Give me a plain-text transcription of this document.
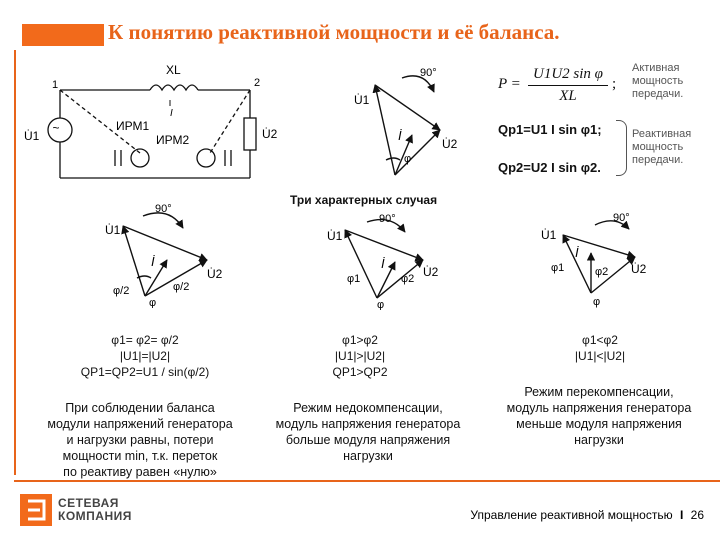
К понятию реактивной мощности и её баланса.
~
1	2
XL
I
U̇1	U̇2
ИРМ1
ИРМ2
U̇1
U̇2
İ
90°
φ
P =
U1U2 sin φ
XL
;
Активная мощность передачи.
Qp1=U1 I sin φ1;
Qp2=U2 I sin φ2.
Реактивная мощность передачи.
Три характерных случая
U̇1
U̇2
İ
90°
φ/2	φ/2
φ
U̇1
U̇2
İ
90°
φ1	φ2
φ
U̇1
U̇2
İ
90°
φ1	φ2
φ
φ1= φ2= φ/2
|U1|=|U2|
QP1=QP2=U1 / sin(φ/2)
φ1>φ2
|U1|>|U2|
QP1>QP2
φ1<φ2
|U1|<|U2|
При соблюдении баланса
модули напряжений генератора
и нагрузки равны, потери
мощности min, т.к. переток
по реактиву равен «нулю»
Режим недокомпенсации,
модуль напряжения генератора
больше модуля напряжения
нагрузки
Режим перекомпенсации,
модуль напряжения генератора
меньше модуля напряжения
нагрузки
СЕТЕВАЯ
КОМПАНИЯ	Управление реактивной мощностью I 26
